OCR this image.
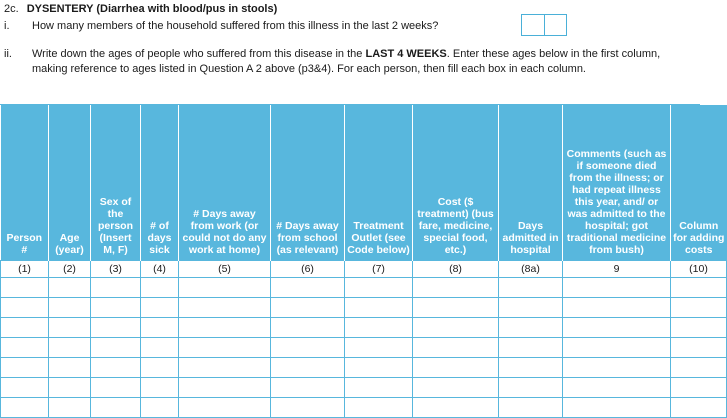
2c. DYSENTERY (Diarrhea with blood/pus in stools)
i. How many members of the household suffered from this illness in the last 2 weeks?
ii. Write down the ages of people who suffered from this disease in the LAST 4 WEEKS. Enter these ages below in the first column, making reference to ages listed in Question A 2 above (p3&4). For each person, then fill each box in each column.
Person #	Age (year)	Sex of the person (Insert M, F)	# of days sick	# Days away from work (or could not do any work at home)	# Days away from school (as relevant)	Treatment Outlet (see Code below)	Cost ($ treatment) (bus fare, medicine, special food, etc.)	Days admitted in hospital	Comments (such as if someone died from the illness; or had repeat illness this year, and/ or was admitted to the hospital; got traditional medicine from bush)	Column for adding costs
(1)	(2)	(3)	(4)	(5)	(6)	(7)	(8)	(8a)	9	(10)
